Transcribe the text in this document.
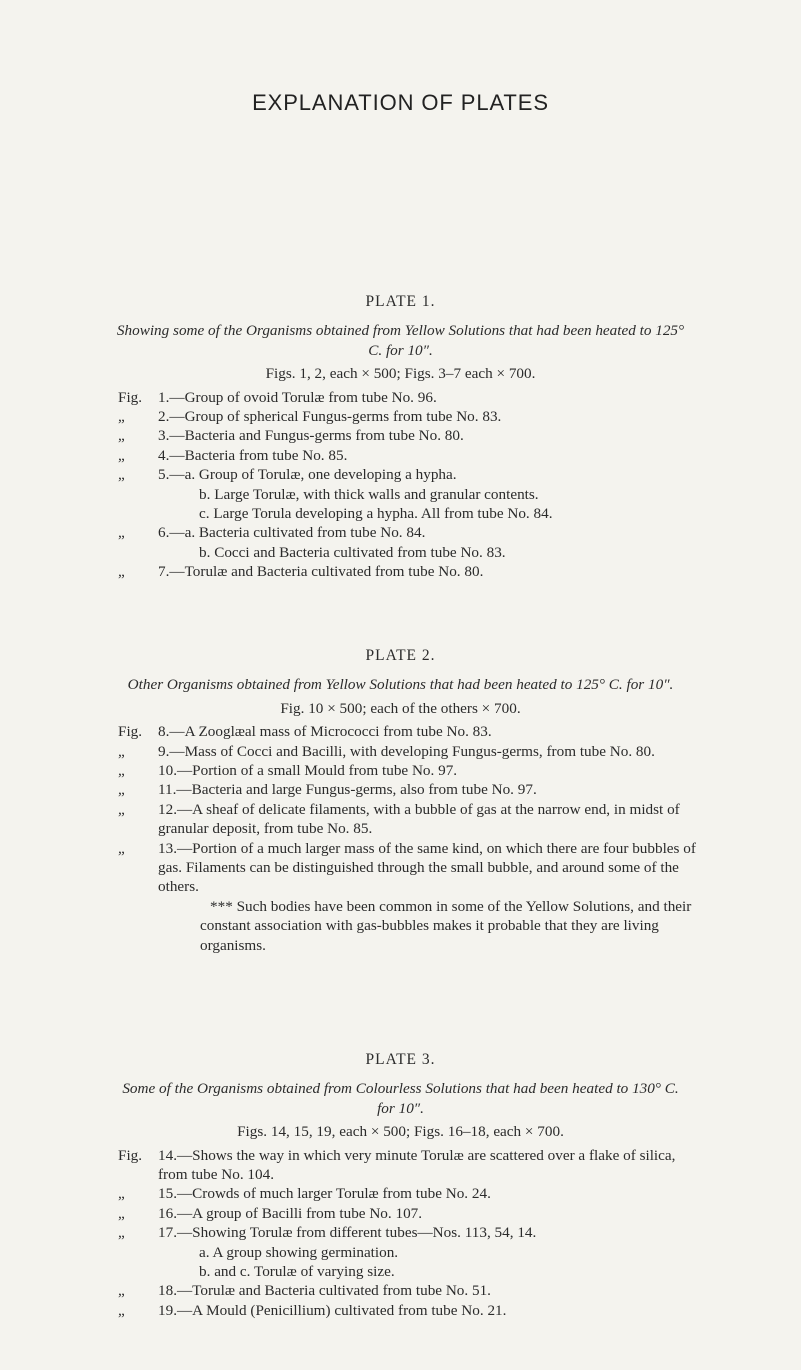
EXPLANATION OF PLATES
PLATE 1.
Showing some of the Organisms obtained from Yellow Solutions that had been heated to 125° C. for 10″.
Figs. 1, 2, each × 500; Figs. 3–7 each × 700.
Fig.	1.—Group of ovoid Torulæ from tube No. 96.
„	2.—Group of spherical Fungus-germs from tube No. 83.
„	3.—Bacteria and Fungus-germs from tube No. 80.
„	4.—Bacteria from tube No. 85.
„	5.—a. Group of Torulæ, one developing a hypha.
b. Large Torulæ, with thick walls and granular contents.
c. Large Torula developing a hypha. All from tube No. 84.
„	6.—a. Bacteria cultivated from tube No. 84.
b. Cocci and Bacteria cultivated from tube No. 83.
„	7.—Torulæ and Bacteria cultivated from tube No. 80.
PLATE 2.
Other Organisms obtained from Yellow Solutions that had been heated to 125° C. for 10″.
Fig. 10 × 500; each of the others × 700.
Fig.	8.—A Zooglæal mass of Micrococci from tube No. 83.
„	9.—Mass of Cocci and Bacilli, with developing Fungus-germs, from tube No. 80.
„	10.—Portion of a small Mould from tube No. 97.
„	11.—Bacteria and large Fungus-germs, also from tube No. 97.
„	12.—A sheaf of delicate filaments, with a bubble of gas at the narrow end, in midst of granular deposit, from tube No. 85.
„	13.—Portion of a much larger mass of the same kind, on which there are four bubbles of gas. Filaments can be distinguished through the small bubble, and around some of the others.
*** Such bodies have been common in some of the Yellow Solutions, and their constant association with gas-bubbles makes it probable that they are living organisms.
PLATE 3.
Some of the Organisms obtained from Colourless Solutions that had been heated to 130° C. for 10″.
Figs. 14, 15, 19, each × 500; Figs. 16–18, each × 700.
Fig.	14.—Shows the way in which very minute Torulæ are scattered over a flake of silica, from tube No. 104.
„	15.—Crowds of much larger Torulæ from tube No. 24.
„	16.—A group of Bacilli from tube No. 107.
„	17.—Showing Torulæ from different tubes—Nos. 113, 54, 14.
a. A group showing germination.
b. and c. Torulæ of varying size.
„	18.—Torulæ and Bacteria cultivated from tube No. 51.
„	19.—A Mould (Penicillium) cultivated from tube No. 21.
